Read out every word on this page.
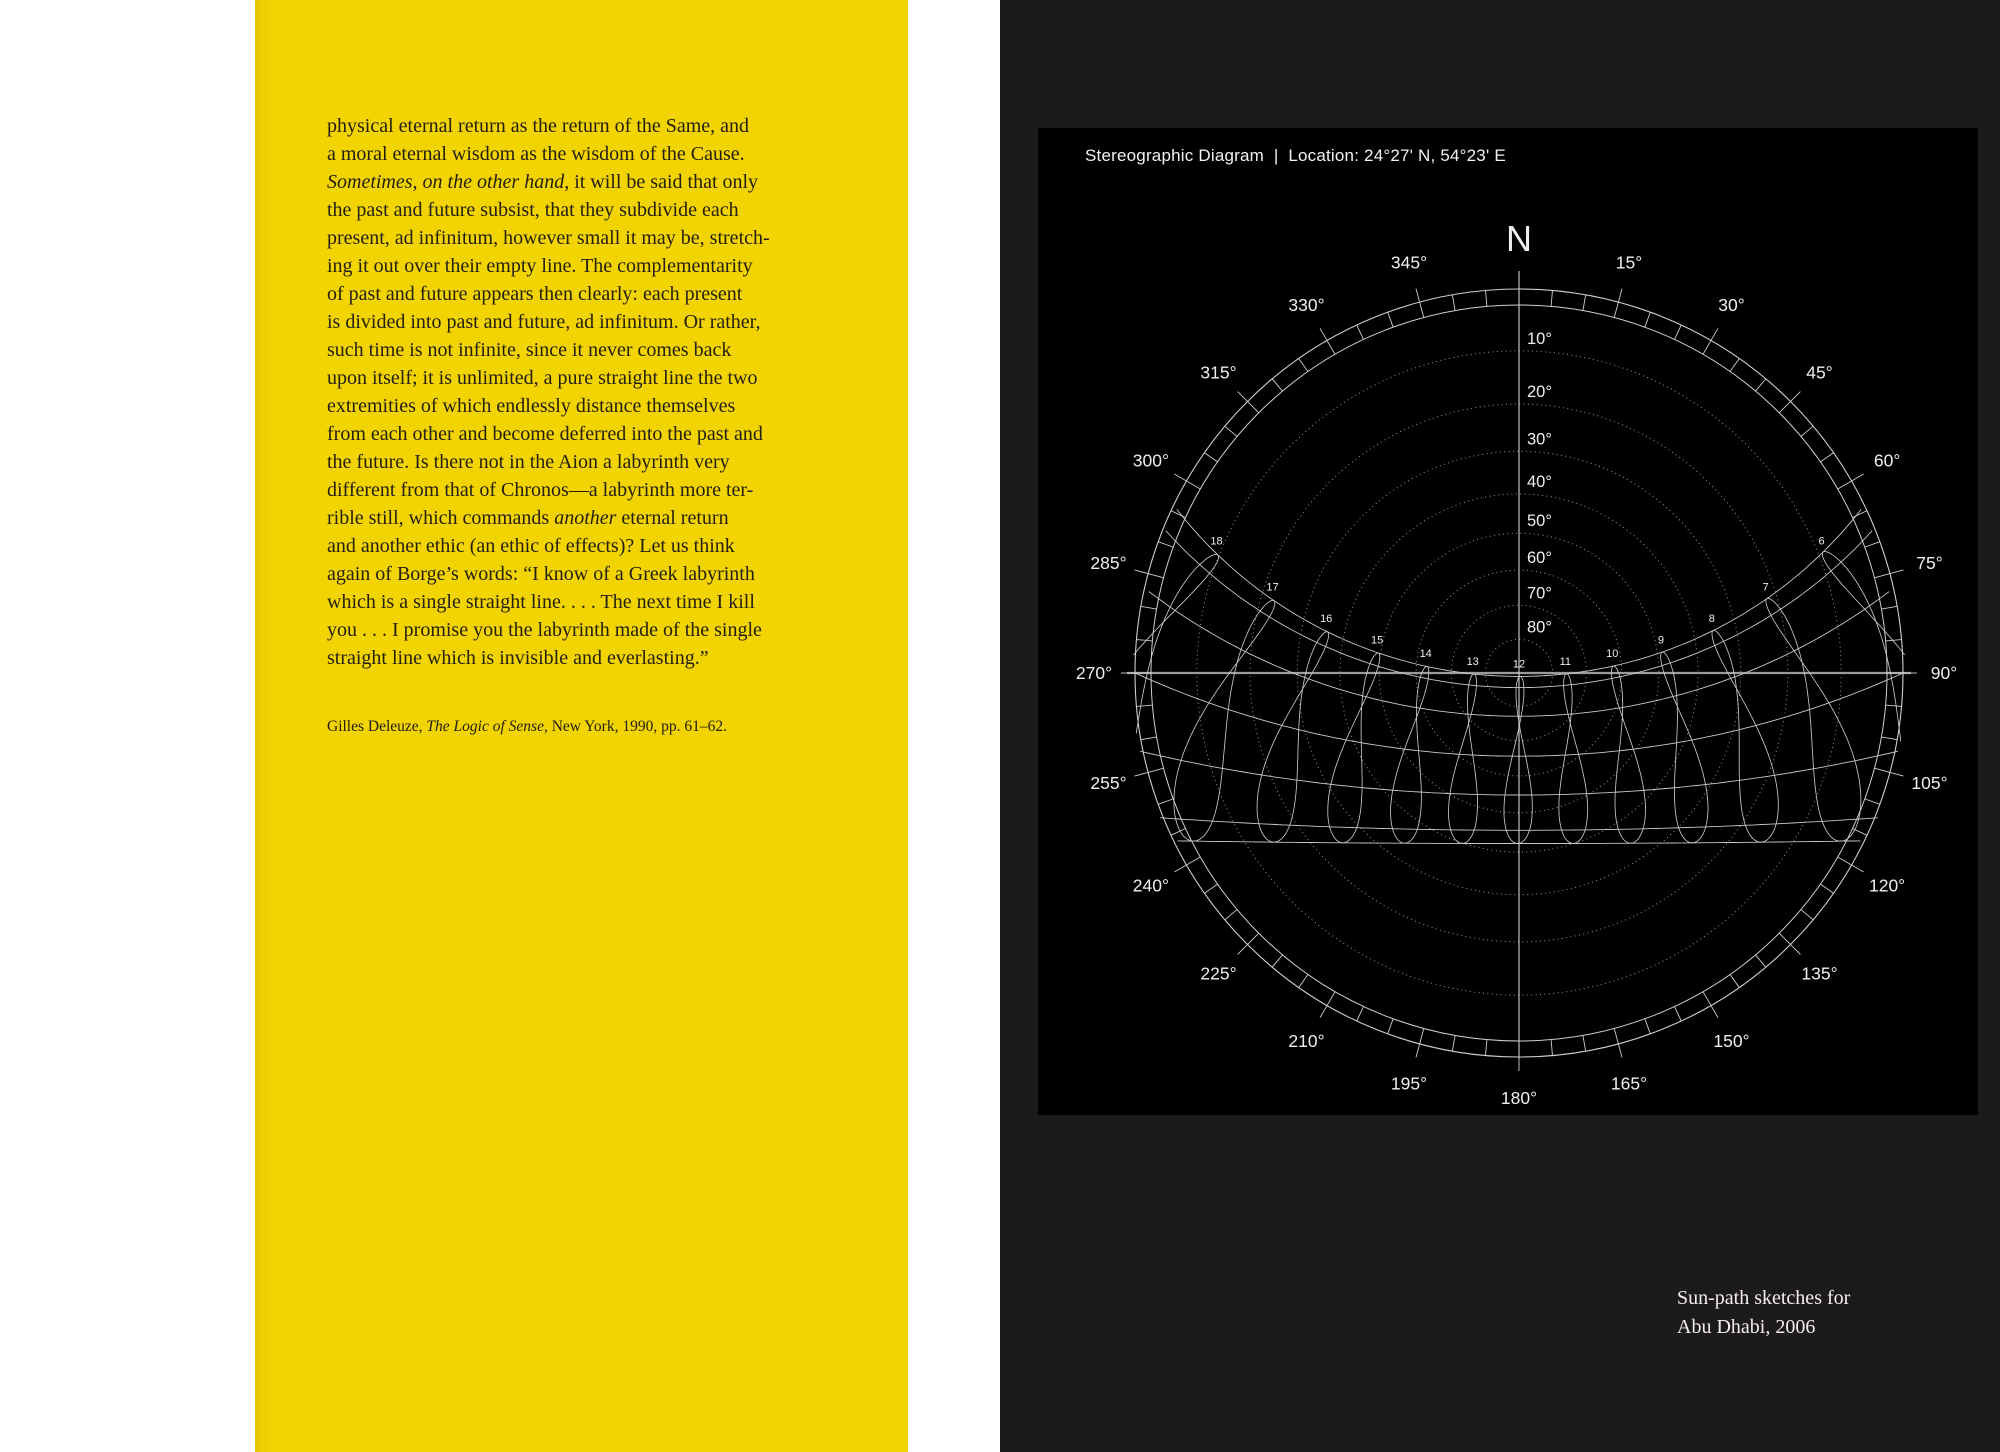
physical eternal return as the return of the Same, and
a moral eternal wisdom as the wisdom of the Cause.
Sometimes, on the other hand, it will be said that only
the past and future subsist, that they subdivide each
present, ad infinitum, however small it may be, stretch-
ing it out over their empty line. The complementarity
of past and future appears then clearly: each present
is divided into past and future, ad infinitum. Or rather,
such time is not infinite, since it never comes back
upon itself; it is unlimited, a pure straight line the two
extremities of which endlessly distance themselves
from each other and become deferred into the past and
the future. Is there not in the Aion a labyrinth very
different from that of Chronos—a labyrinth more ter-
rible still, which commands another eternal return
and another ethic (an ethic of effects)? Let us think
again of Borge’s words: “I know of a Greek labyrinth
which is a single straight line. . . . The next time I kill
you . . . I promise you the labyrinth made of the single
straight line which is invisible and everlasting.”
Gilles Deleuze, The Logic of Sense, New York, 1990, pp. 61–62.
Stereographic Diagram  |  Location: 24°27' N, 54°23' E
15°
30°
45°
60°
75°
90°
105°
120°
135°
150°
165°
180°
195°
210°
225°
240°
255°
270°
285°
300°
315°
330°
345°
10°
20°
30°
40°
50°
60°
70°
80°
6
7
8
9
10
11
12
13
14
15
16
17
18
N
Sun-path sketches for
Abu Dhabi, 2006
